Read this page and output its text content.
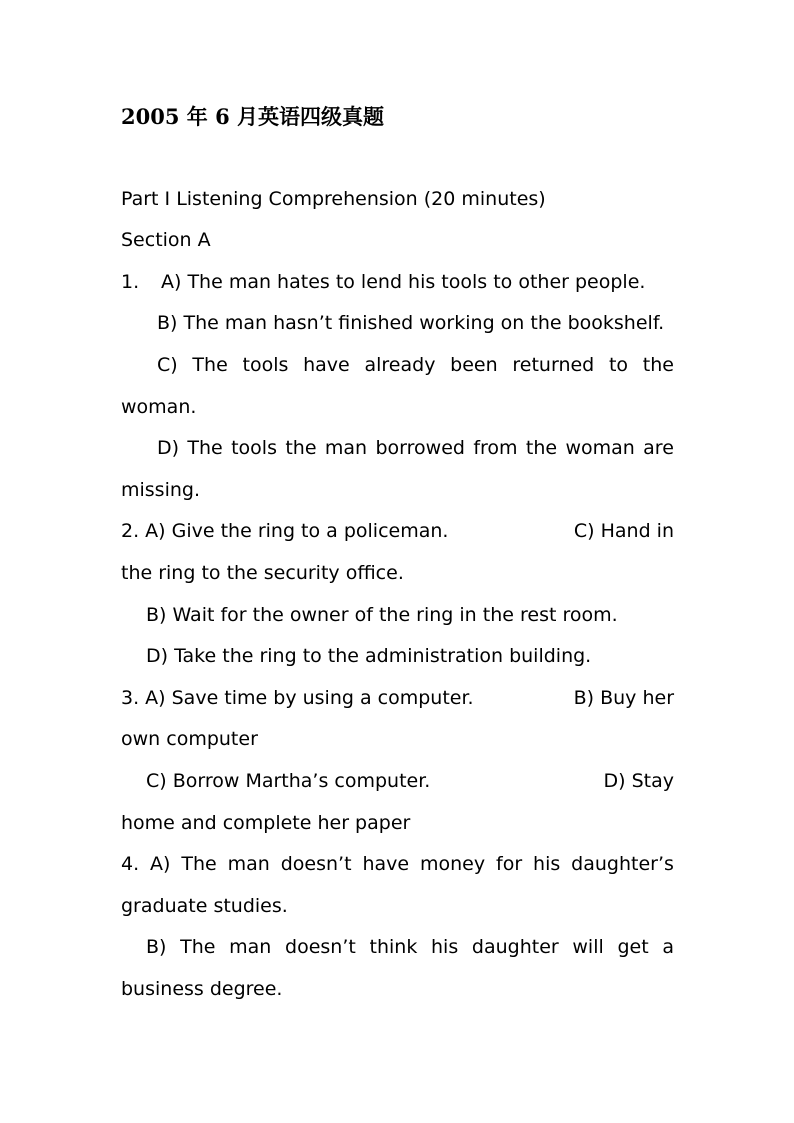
2005 年 6 月英语四级真题
Part I Listening Comprehension (20 minutes)
Section A
1. A) The man hates to lend his tools to other people.
B) The man hasn’t finished working on the bookshelf.
C) The tools have already been returned to the
woman.
D) The tools the man borrowed from the woman are
missing.
2. A) Give the ring to a policeman.	C) Hand in
the ring to the security office.
B) Wait for the owner of the ring in the rest room.
D) Take the ring to the administration building.
3. A) Save time by using a computer.	B) Buy her
own computer
C) Borrow Martha’s computer.	D) Stay
home and complete her paper
4. A) The man doesn’t have money for his daughter’s
graduate studies.
B) The man doesn’t think his daughter will get a
business degree.
